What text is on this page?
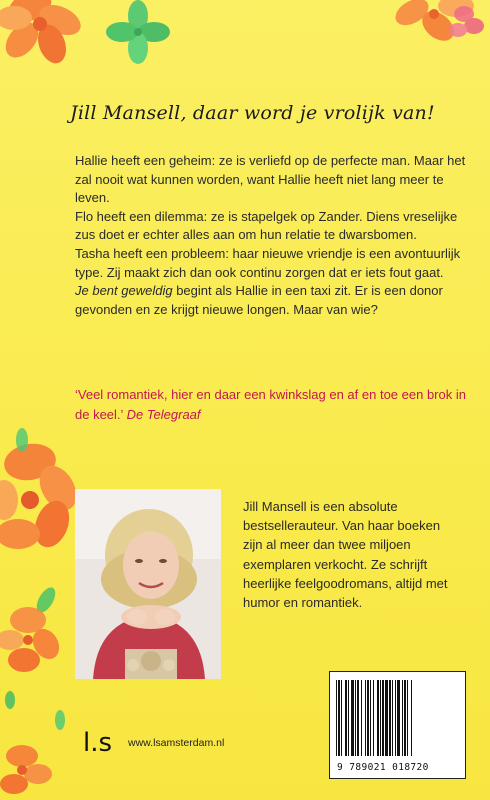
Jill Mansell, daar word je vrolijk van!

Hallie heeft een geheim: ze is verliefd op de perfecte man. Maar het zal nooit wat kunnen worden, want Hallie heeft niet lang meer te leven.

Flo heeft een dilemma: ze is stapelgek op Zander. Diens vreselijke zus doet er echter alles aan om hun relatie te dwarsbomen.

Tasha heeft een probleem: haar nieuwe vriendje is een avontuurlijk type. Zij maakt zich dan ook continu zorgen dat er iets fout gaat.

Je bent geweldig begint als Hallie in een taxi zit. Er is een donor gevonden en ze krijgt nieuwe longen. Maar van wie?

‘Veel romantiek, hier en daar een kwinkslag en af en toe een brok in de keel.’ De Telegraaf
Jill Mansell is een absolute bestsellerauteur. Van haar boeken zijn al meer dan twee miljoen exemplaren verkocht. Ze schrijft heerlijke feelgoodromans, altijd met humor en romantiek.
9 789021 018720
l.s www.lsamsterdam.nl
